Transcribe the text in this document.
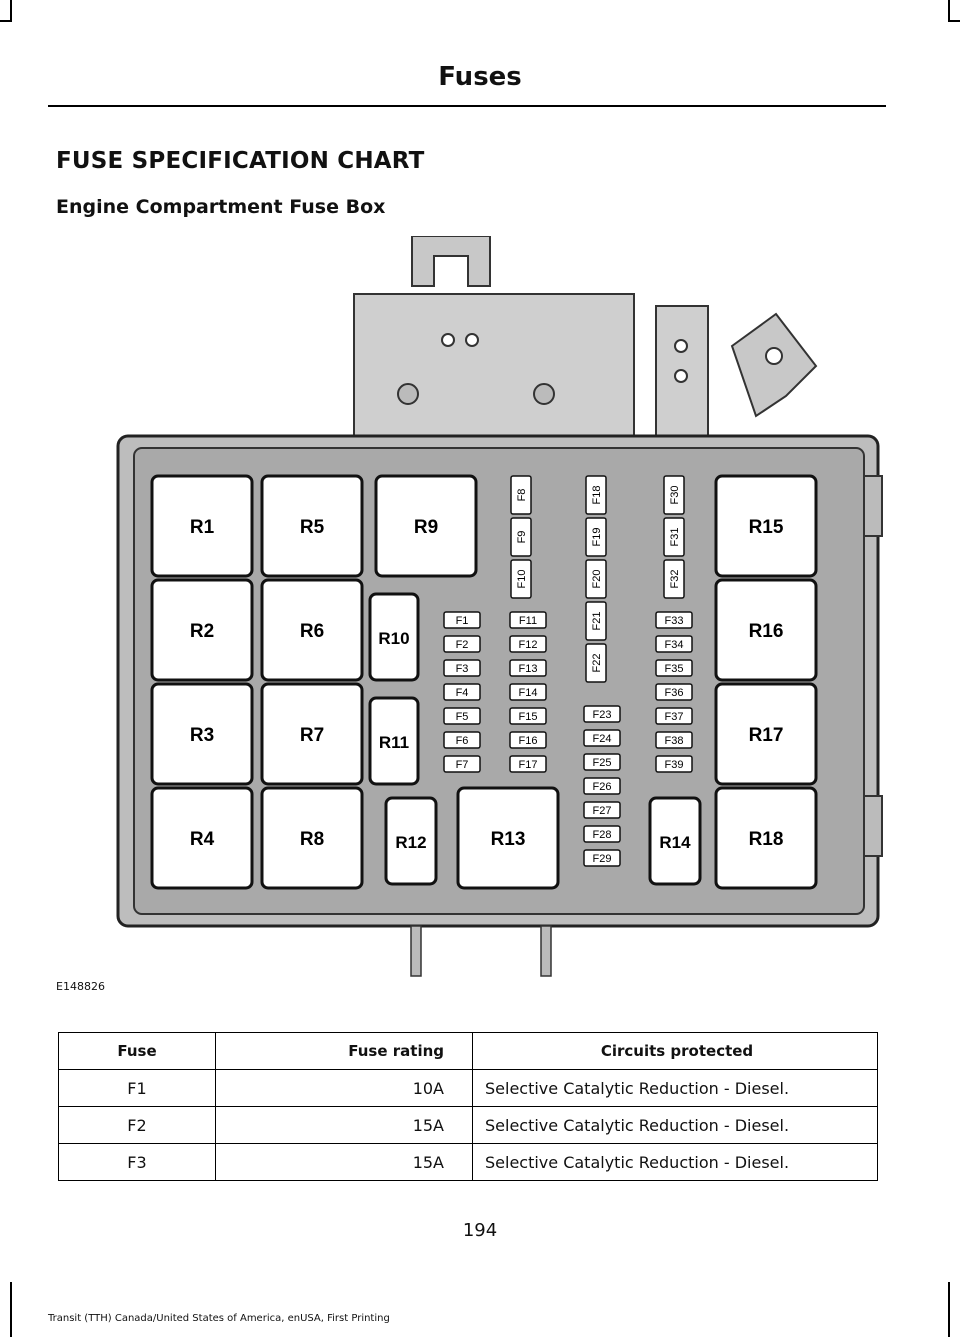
Fuses
FUSE SPECIFICATION CHART
Engine Compartment Fuse Box
R1
R2
R3
R4
R5
R6
R7
R8
R9
R10
R11
R12	R13	R14
R15
R16
R17
R18
F1
F2
F3
F4
F5
F6
F7
F11
F12
F13
F14
F15
F16
F17
F23
F24
F25
F26
F27
F28
F29
F33
F34
F35
F36
F37
F38
F39
F8
F9
F10
F18
F19
F20
F21
F22
F30
F31
F32
E148826
Fuse	Fuse rating	Circuits protected
F1	10A	Selective Catalytic Reduction - Diesel.
F2	15A	Selective Catalytic Reduction - Diesel.
F3	15A	Selective Catalytic Reduction - Diesel.
194
Transit (TTH) Canada/United States of America, enUSA, First Printing
